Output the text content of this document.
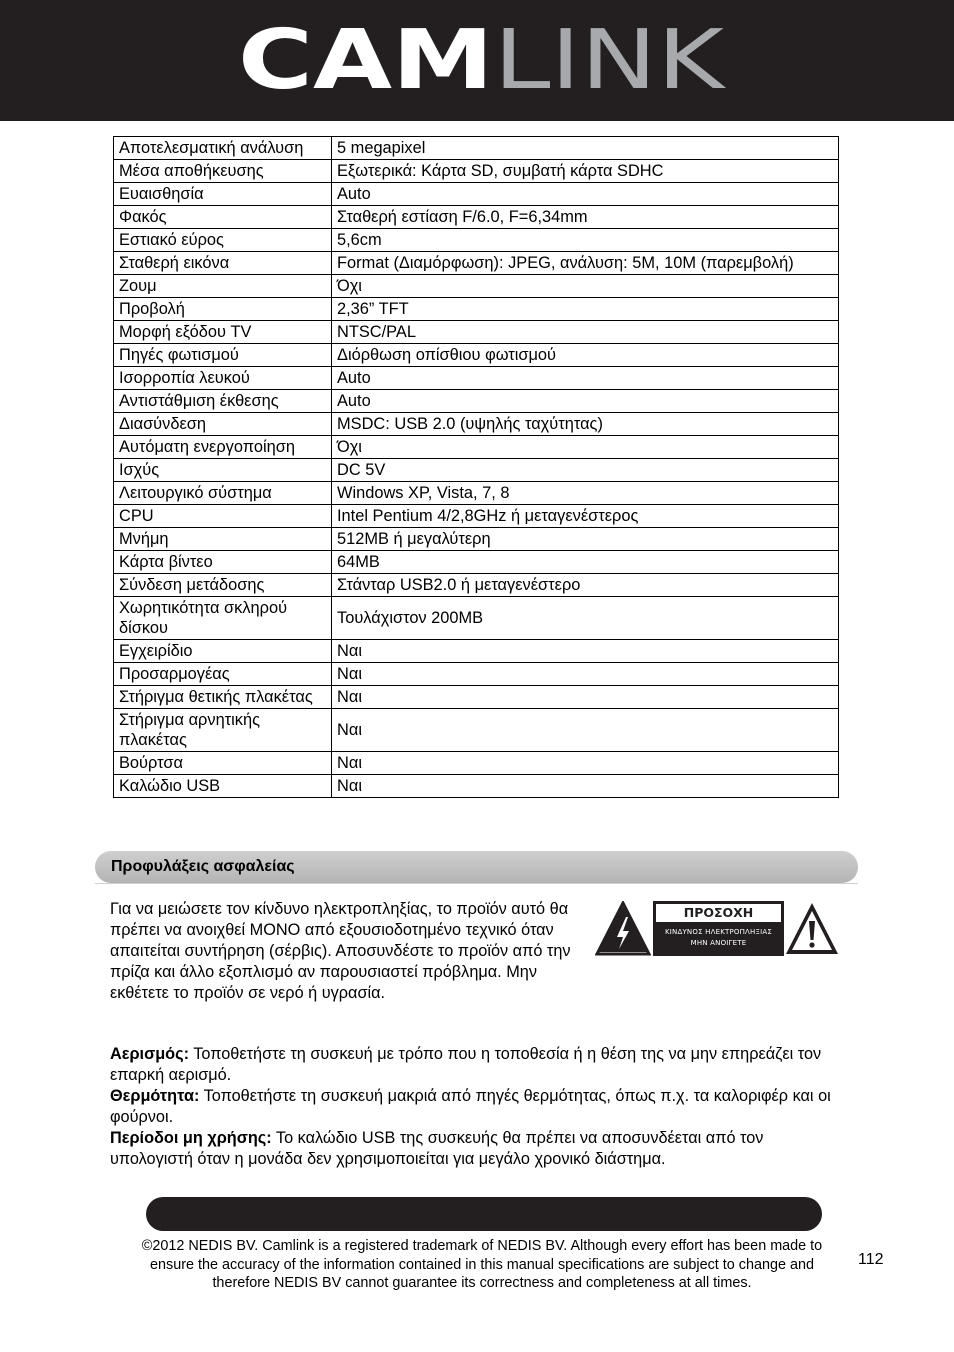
CAM LINK
Αποτελεσματική ανάλυση	5 megapixel
Μέσα αποθήκευσης	Εξωτερικά: Κάρτα SD, συμβατή κάρτα SDHC
Ευαισθησία	Auto
Φακός	Σταθερή εστίαση F/6.0, F=6,34mm
Εστιακό εύρος	5,6cm
Σταθερή εικόνα	Format (Διαμόρφωση): JPEG, ανάλυση: 5M, 10M (παρεμβολή)
Ζουμ	Όχι
Προβολή	2,36” TFT
Μορφή εξόδου TV	NTSC/PAL
Πηγές φωτισμού	Διόρθωση οπίσθιου φωτισμού
Ισορροπία λευκού	Auto
Αντιστάθμιση έκθεσης	Auto
Διασύνδεση	MSDC: USB 2.0 (υψηλής ταχύτητας)
Αυτόματη ενεργοποίηση	Όχι
Ισχύς	DC 5V
Λειτουργικό σύστημα	Windows XP, Vista, 7, 8
CPU	Intel Pentium 4/2,8GHz ή μεταγενέστερος
Μνήμη	512MB ή μεγαλύτερη
Κάρτα βίντεο	64MB
Σύνδεση μετάδοσης	Στάνταρ USB2.0 ή μεταγενέστερο
Χωρητικότητα σκληρού δίσκου	Τουλάχιστον 200MB
Εγχειρίδιο	Ναι
Προσαρμογέας	Ναι
Στήριγμα θετικής πλακέτας	Ναι
Στήριγμα αρνητικής πλακέτας	Ναι
Βούρτσα	Ναι
Καλώδιο USB	Ναι
Προφυλάξεις ασφαλείας
Για να μειώσετε τον κίνδυνο ηλεκτροπληξίας, το προϊόν αυτό θα πρέπει να ανοιχθεί ΜΟΝΟ από εξουσιοδοτημένο τεχνικό όταν απαιτείται συντήρηση (σέρβις). Αποσυνδέστε το προϊόν από την πρίζα και άλλο εξοπλισμό αν παρουσιαστεί πρόβλημα. Μην εκθέτετε το προϊόν σε νερό ή υγρασία.
ΠΡΟΣΟΧΗ
ΚΙΝΔΥΝΟΣ ΗΛΕΚΤΡΟΠΛΗΞΙΑΣ
ΜΗΝ ΑΝΟΙΓΕΤΕ

Αερισμός: Τοποθετήστε τη συσκευή με τρόπο που η τοποθεσία ή η θέση της να μην επηρεάζει τον επαρκή αερισμό.

Θερμότητα: Τοποθετήστε τη συσκευή μακριά από πηγές θερμότητας, όπως π.χ. τα καλοριφέρ και οι φούρνοι.

Περίοδοι μη χρήσης: Το καλώδιο USB της συσκευής θα πρέπει να αποσυνδέεται από τον υπολογιστή όταν η μονάδα δεν χρησιμοποιείται για μεγάλο χρονικό διάστημα.

©2012 NEDIS BV. Camlink is a registered trademark of NEDIS BV. Although every effort has been made to ensure the accuracy of the information contained in this manual specifications are subject to change and therefore NEDIS BV cannot guarantee its correctness and completeness at all times.
112
